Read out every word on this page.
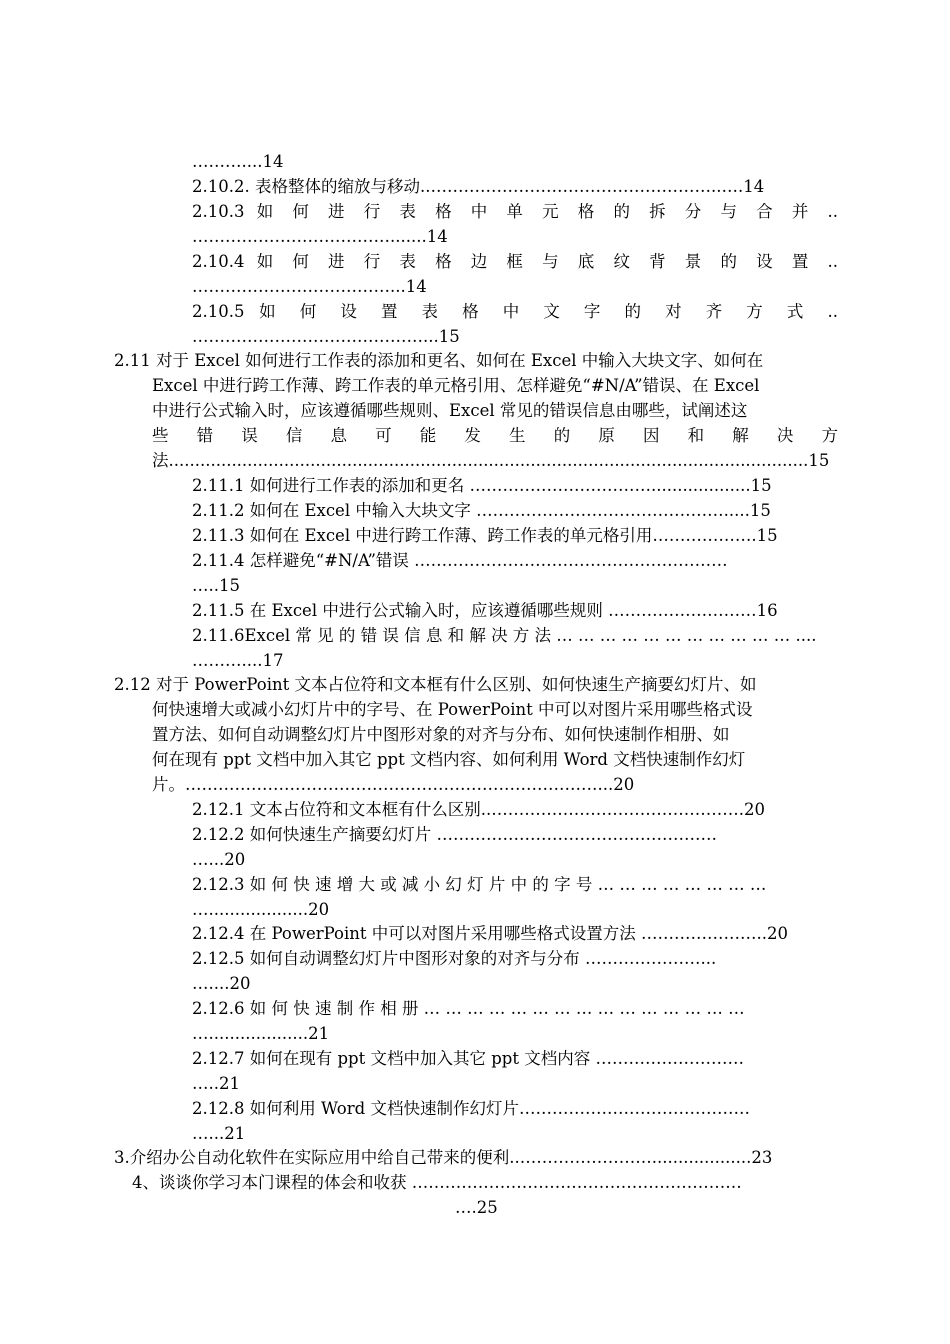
………....14
2.10.2. 表格整体的缩放与移动..……………………………………………..….14
2.10.3 如 何 进 行 表 格 中 单 元 格 的 拆 分 与 合 并 ..
……………………………….......14
2.10.4 如 何 进 行 表 格 边 框 与 底 纹 背 景 的 设 置 ..
………………………………...14
2.10.5 如 何 设 置 表 格 中 文 字 的 对 齐 方 式 ..
……………………………………...15
2.11 对于 Excel 如何进行工作表的添加和更名、如何在 Excel 中输入大块文字、如何在
Excel 中进行跨工作薄、跨工作表的单元格引用、怎样避免“#N/A”错误、在 Excel
中进行公式输入时，应该遵循哪些规则、Excel 常见的错误信息由哪些，试阐述这
些 错 误 信 息 可 能 发 生 的 原 因 和 解 决 方
法..........................................................................................................................15
2.11.1 如何进行工作表的添加和更名 ……………………………...................15
2.11.2 如何在 Excel 中输入大块文字 ……………………………………….....15
2.11.3 如何在 Excel 中进行跨工作薄、跨工作表的单元格引用……………….15
2.11.4 怎样避免“#N/A”错误 …………………………………………………
…..15
2.11.5 在 Excel 中进行公式输入时，应该遵循哪些规则 ………………………16
2.11.6Excel 常 见 的 错 误 信 息 和 解 决 方 法 … … … … … … … … … … … ....
………....17
2.12 对于 PowerPoint 文本占位符和文本框有什么区别、如何快速生产摘要幻灯片、如
何快速增大或减小幻灯片中的字号、在 PowerPoint 中可以对图片采用哪些格式设
置方法、如何自动调整幻灯片中图形对象的对齐与分布、如何快速制作相册、如
何在现有 ppt 文档中加入其它 ppt 文档内容、如何利用 Word 文档快速制作幻灯
片。…………………………………………………………………...20
2.12.1 文本占位符和文本框有什么区别..……………………………………….20
2.12.2 如何快速生产摘要幻灯片 ……………………………………………
…...20
2.12.3 如 何 快 速 增 大 或 减 小 幻 灯 片 中 的 字 号 … … … … … … … …
…...................20
2.12.4 在 PowerPoint 中可以对图片采用哪些格式设置方法 …………………..20
2.12.5 如何自动调整幻灯片中图形对象的对齐与分布 …………………...
…....20
2.12.6 如 何 快 速 制 作 相 册 … … … … … … … … … … … … … … …
…...................21
2.12.7 如何在现有 ppt 文档中加入其它 ppt 文档内容 ………………………
…..21
2.12.8 如何利用 Word 文档快速制作幻灯片……………………………………
…...21
3.介绍办公自动化软件在实际应用中给自己带来的便利..……………………...................23
4、谈谈你学习本门课程的体会和收获 ……………………………………………………
….25
